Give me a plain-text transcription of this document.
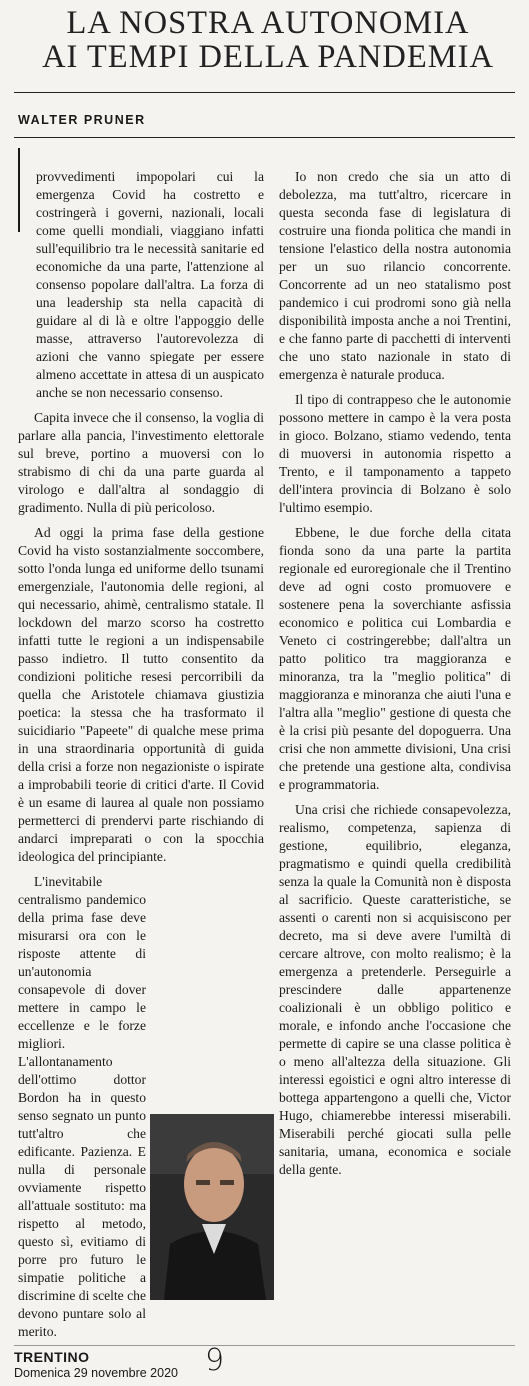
LA NOSTRA AUTONOMIA
AI TEMPI DELLA PANDEMIA
WALTER PRUNER

provvedimenti impopolari cui la emergenza Covid ha costretto e costringerà i governi, nazionali, locali come quelli mondiali, viaggiano infatti sull'equilibrio tra le necessità sanitarie ed economiche da una parte, l'attenzione al consenso popolare dall'altra. La forza di una leadership sta nella capacità di guidare al di là e oltre l'appoggio delle masse, attraverso l'autorevolezza di azioni che vanno spiegate per essere almeno accettate in attesa di un auspicato anche se non necessario consenso.

Capita invece che il consenso, la voglia di parlare alla pancia, l'investimento elettorale sul breve, portino a muoversi con lo strabismo di chi da una parte guarda al virologo e dall'altra al sondaggio di gradimento. Nulla di più pericoloso.

Ad oggi la prima fase della gestione Covid ha visto sostanzialmente soccombere, sotto l'onda lunga ed uniforme dello tsunami emergenziale, l'autonomia delle regioni, al qui necessario, ahimè, centralismo statale. Il lockdown del marzo scorso ha costretto infatti tutte le regioni a un indispensabile passo indietro. Il tutto consentito da condizioni politiche resesi percorribili da quella che Aristotele chiamava giustizia poetica: la stessa che ha trasformato il suicidiario "Papeete" di qualche mese prima in una straordinaria opportunità di guida della crisi a forze non negazioniste o ispirate a improbabili teorie di critici d'arte. Il Covid è un esame di laurea al quale non possiamo permetterci di prendervi parte rischiando di andarci impreparati o con la spocchia ideologica del principiante.

L'inevitabile centralismo pandemico della prima fase deve misurarsi ora con le risposte attente di un'autonomia consapevole di dover mettere in campo le eccellenze e le forze migliori. L'allontanamento dell'ottimo dottor Bordon ha in questo senso segnato un punto tutt'altro che edificante. Pazienza. E nulla di personale ovviamente rispetto all'attuale sostituto: ma rispetto al metodo, questo sì, evitiamo di porre pro futuro le simpatie politiche a discrimine di scelte che devono puntare solo al merito.

Io non credo che sia un atto di debolezza, ma tutt'altro, ricercare in questa seconda fase di legislatura di costruire una fionda politica che mandi in tensione l'elastico della nostra autonomia per un suo rilancio concorrente. Concorrente ad un neo statalismo post pandemico i cui prodromi sono già nella disponibilità imposta anche a noi Trentini, e che fanno parte di pacchetti di interventi che uno stato nazionale in stato di emergenza è naturale produca.

Il tipo di contrappeso che le autonomie possono mettere in campo è la vera posta in gioco. Bolzano, stiamo vedendo, tenta di muoversi in autonomia rispetto a Trento, e il tamponamento a tappeto dell'intera provincia di Bolzano è solo l'ultimo esempio.

Ebbene, le due forche della citata fionda sono da una parte la partita regionale ed euroregionale che il Trentino deve ad ogni costo promuovere e sostenere pena la soverchiante asfissia economico e politica cui Lombardia e Veneto ci costringerebbe; dall'altra un patto politico tra maggioranza e minoranza, tra la "meglio politica" di maggioranza e minoranza che aiuti l'una e l'altra alla "meglio" gestione di questa che è la crisi più pesante del dopoguerra. Una crisi che non ammette divisioni, Una crisi che pretende una gestione alta, condivisa e programmatoria.

Una crisi che richiede consapevolezza, realismo, competenza, sapienza di gestione, equilibrio, eleganza, pragmatismo e quindi quella credibilità senza la quale la Comunità non è disposta al sacrificio. Queste caratteristiche, se assenti o carenti non si acquisiscono per decreto, ma si deve avere l'umiltà di cercare altrove, con molto realismo; è la emergenza a pretenderle. Perseguirle a prescindere dalle appartenenze coalizionali è un obbligo politico e morale, e infondo anche l'occasione che permette di capire se una classe politica è o meno all'altezza della situazione. Gli interessi egoistici e ogni altro interesse di bottega appartengono a quelli che, Victor Hugo, chiamerebbe interessi miserabili. Miserabili perché giocati sulla pelle sanitaria, umana, economica e sociale della gente.

TRENTINO
Domenica 29 novembre 2020 9
